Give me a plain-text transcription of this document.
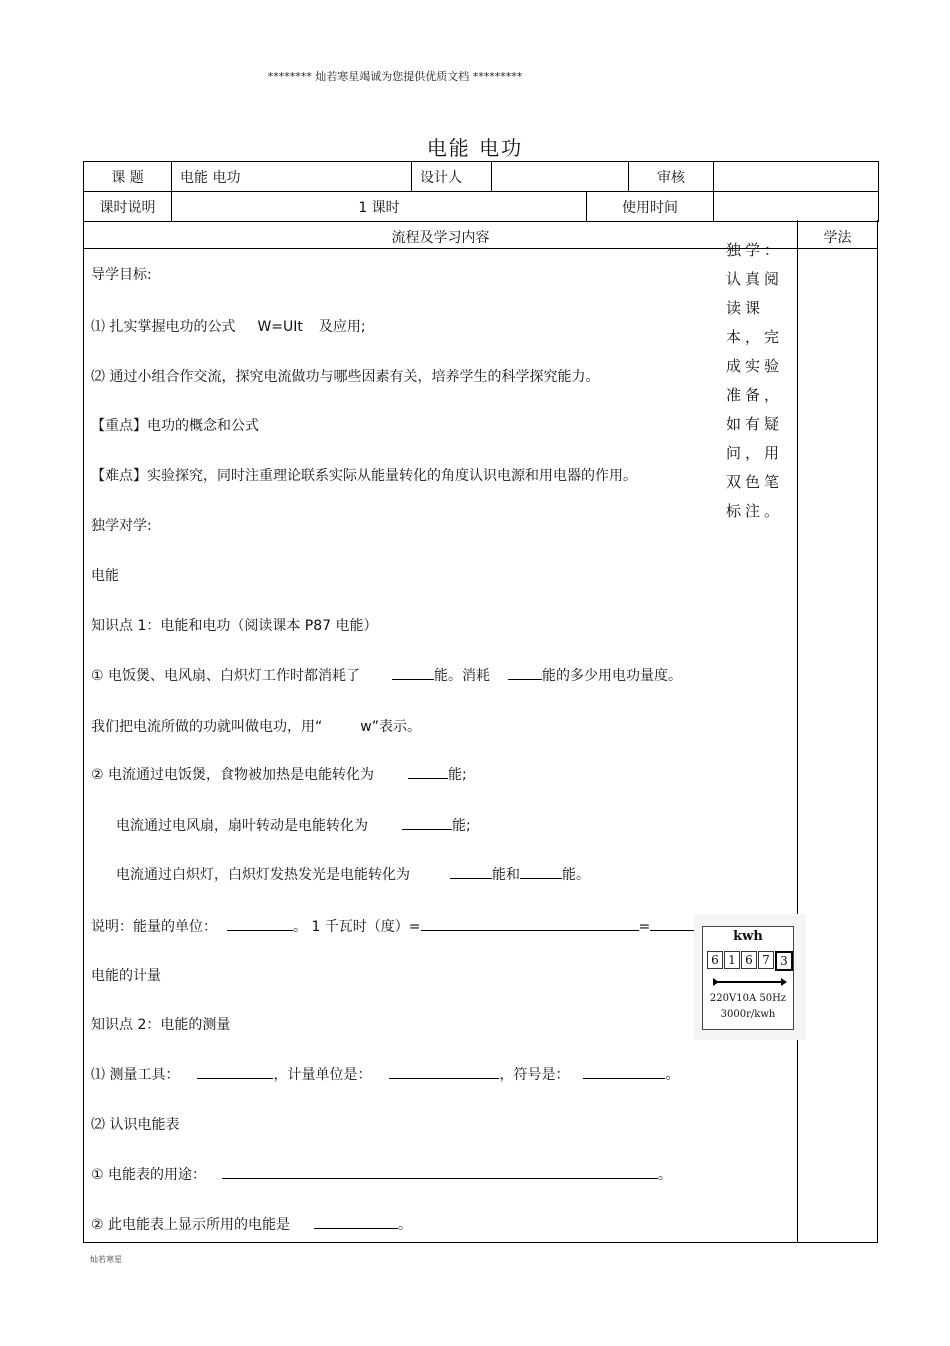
******** 灿若寒星竭诚为您提供优质文档 *********
电能 电功
课 题	电能 电功	设计人			审核	
课时说明	1 课时			使用时间		
流程及学习内容	学法
导学目标:
⑴ 扎实掌握电功的公式 W=UIt 及应用;
⑵ 通过小组合作交流，探究电流做功与哪些因素有关，培养学生的科学探究能力。
【重点】电功的概念和公式
【难点】实验探究，同时注重理论联系实际从能量转化的角度认识电源和用电器的作用。
独学对学:
电能
知识点 1：电能和电功（阅读课本 P87 电能）
① 电饭煲、电风扇、白炽灯工作时都消耗了	能。消耗	能的多少用电功量度。
我们把电流所做的功就叫做电功，用“	w”表示。
② 电流通过电饭煲，食物被加热是电能转化为	能;
电流通过电风扇，扇叶转动是电能转化为	能;
电流通过白炽灯，白炽灯发热发光是电能转化为	能和	能。
说明：能量的单位：	。 1 千瓦时（度）=	=
电能的计量
知识点 2：电能的测量
⑴ 测量工具：	，计量单位是：	，符号是：	。
⑵ 认识电能表
① 电能表的用途：	。
② 此电能表上显示所用的电能是	。
独学：认真阅读课本，完成实验准备，如有疑问，用双色笔标注。
kwh
6 1 6 7 3
220V10A 50Hz
3000r/kwh
灿若寒星
